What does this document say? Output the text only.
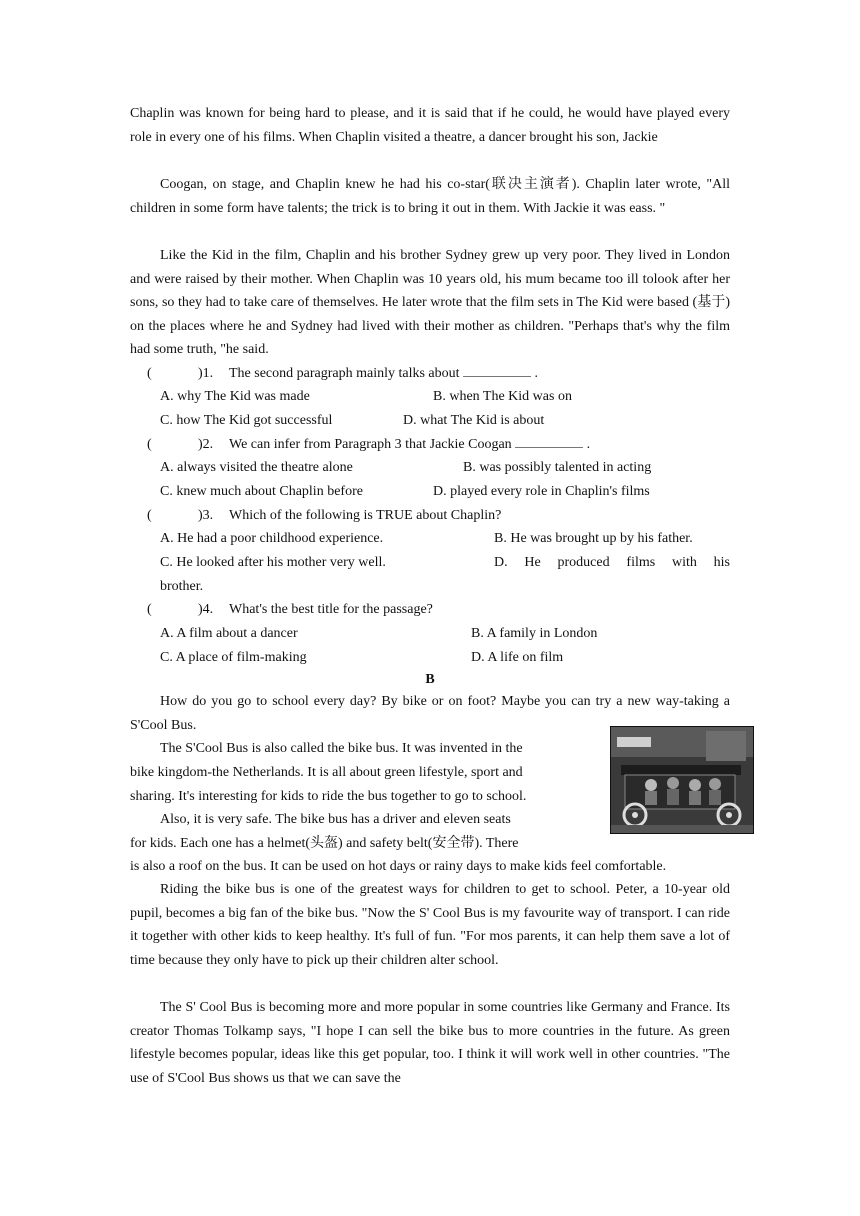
Chaplin was known for being hard to please, and it is said that if he could, he would have played every role in every one of his films. When Chaplin visited a theatre, a dancer brought his son, Jackie
Coogan, on stage, and Chaplin knew he had his co-star(联决主演者). Chaplin later wrote, "All children in some form have talents; the trick is to bring it out in them. With Jackie it was eass. "
Like the Kid in the film, Chaplin and his brother Sydney grew up very poor. They lived in London and were raised by their mother. When Chaplin was 10 years old, his mum became too ill tolook after her sons, so they had to take care of themselves. He later wrote that the film sets in The Kid were based (基于) on the places where he and Sydney had lived with their mother as children. "Perhaps that's why the film had some truth, "he said.
(	)1. The second paragraph mainly talks about	.
A. why The Kid was made	B. when The Kid was on
C. how The Kid got successful	D. what The Kid is about
(	)2. We can infer from Paragraph 3 that Jackie Coogan	.
A. always visited the theatre alone	B. was possibly talented in acting
C. knew much about Chaplin before	D. played every role in Chaplin's films
(	)3. Which of the following is TRUE about Chaplin?
A. He had a poor childhood experience.	B. He was brought up by his father.
C. He looked after his mother very well.	D. He produced films with his
brother.
(	)4. What's the best title for the passage?
A. A film about a dancer	B. A family in London
C. A place of film-making	D. A life on film
B
How do you go to school every day? By bike or on foot? Maybe you can try a new way-taking a S'Cool Bus.
The S'Cool Bus is also called the bike bus. It was invented in the
bike kingdom-the Netherlands. It is all about green lifestyle, sport and
sharing. It's interesting for kids to ride the bus together to go to school.
Also, it is very safe. The bike bus has a driver and eleven seats
for kids. Each one has a helmet(头盔) and safety belt(安全带). There
is also a roof on the bus. It can be used on hot days or rainy days to make kids feel comfortable.
Riding the bike bus is one of the greatest ways for children to get to school. Peter, a 10-year old pupil, becomes a big fan of the bike bus. "Now the S' Cool Bus is my favourite way of transport. I can ride it together with other kids to keep healthy. It's full of fun. "For mos parents, it can help them save a lot of time because they only have to pick up their children alter school.
The S' Cool Bus is becoming more and more popular in some countries like Germany and France. Its creator Thomas Tolkamp says, "I hope I can sell the bike bus to more countries in the future. As green lifestyle becomes popular, ideas like this get popular, too. I think it will work well in other countries. "The use of S'Cool Bus shows us that we can save the
